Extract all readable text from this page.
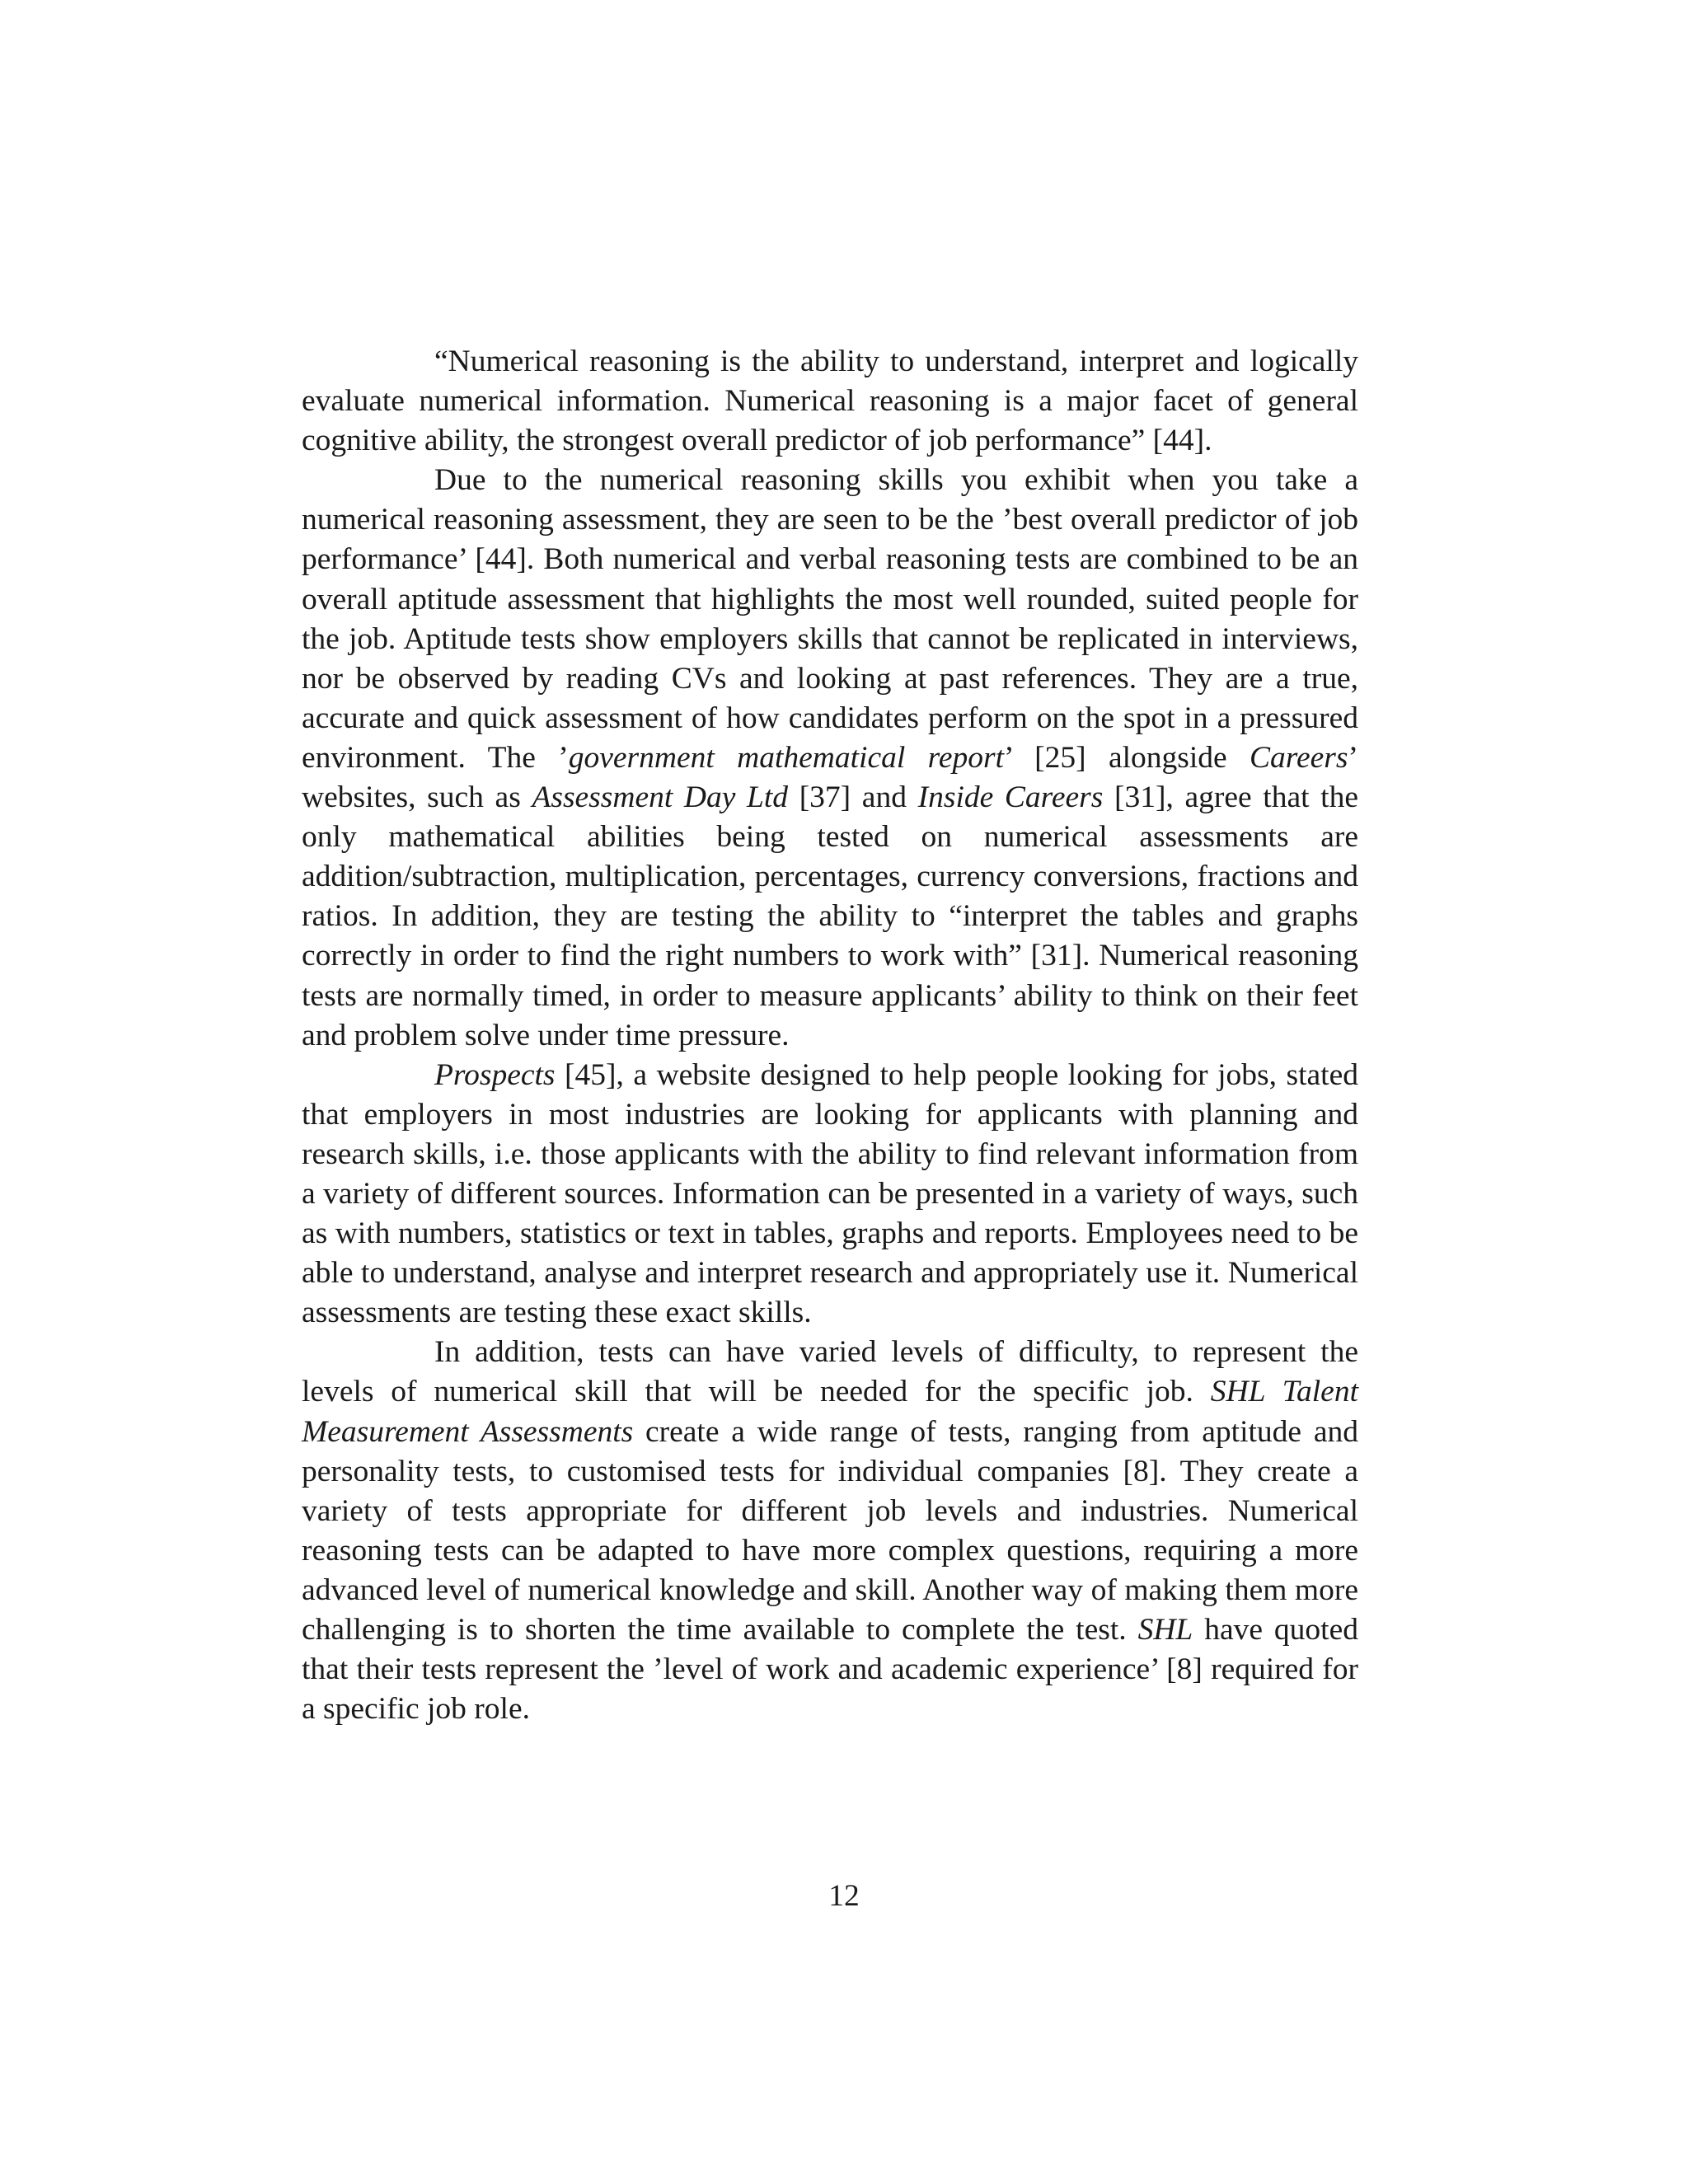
“Numerical reasoning is the ability to understand, interpret and logically evaluate numerical information. Numerical reasoning is a major facet of general cognitive ability, the strongest overall predictor of job performance” [44].

Due to the numerical reasoning skills you exhibit when you take a numerical reasoning assessment, they are seen to be the ’best overall predictor of job performance’ [44]. Both numerical and verbal reasoning tests are combined to be an overall aptitude assessment that highlights the most well rounded, suited people for the job. Aptitude tests show employers skills that cannot be replicated in interviews, nor be observed by reading CVs and looking at past references. They are a true, accurate and quick assessment of how candidates perform on the spot in a pressured environment. The ’government mathematical report’ [25] alongside Careers’ websites, such as Assessment Day Ltd [37] and Inside Careers [31], agree that the only mathematical abilities being tested on numerical assessments are addition/subtraction, multiplication, percentages, currency conversions, fractions and ratios. In addition, they are testing the ability to “interpret the tables and graphs correctly in order to find the right numbers to work with” [31]. Numerical reasoning tests are normally timed, in order to measure applicants’ ability to think on their feet and problem solve under time pressure.

Prospects [45], a website designed to help people looking for jobs, stated that employers in most industries are looking for applicants with planning and research skills, i.e. those applicants with the ability to find relevant information from a variety of different sources. Information can be presented in a variety of ways, such as with numbers, statistics or text in tables, graphs and reports. Employees need to be able to understand, analyse and interpret research and appropriately use it. Numerical assessments are testing these exact skills.

In addition, tests can have varied levels of difficulty, to represent the levels of numerical skill that will be needed for the specific job. SHL Talent Measurement Assessments create a wide range of tests, ranging from aptitude and personality tests, to customised tests for individual companies [8]. They create a variety of tests appropriate for different job levels and industries. Numerical reasoning tests can be adapted to have more complex questions, requiring a more advanced level of numerical knowledge and skill. Another way of making them more challenging is to shorten the time available to complete the test. SHL have quoted that their tests represent the ’level of work and academic experience’ [8] required for a specific job role.

12
